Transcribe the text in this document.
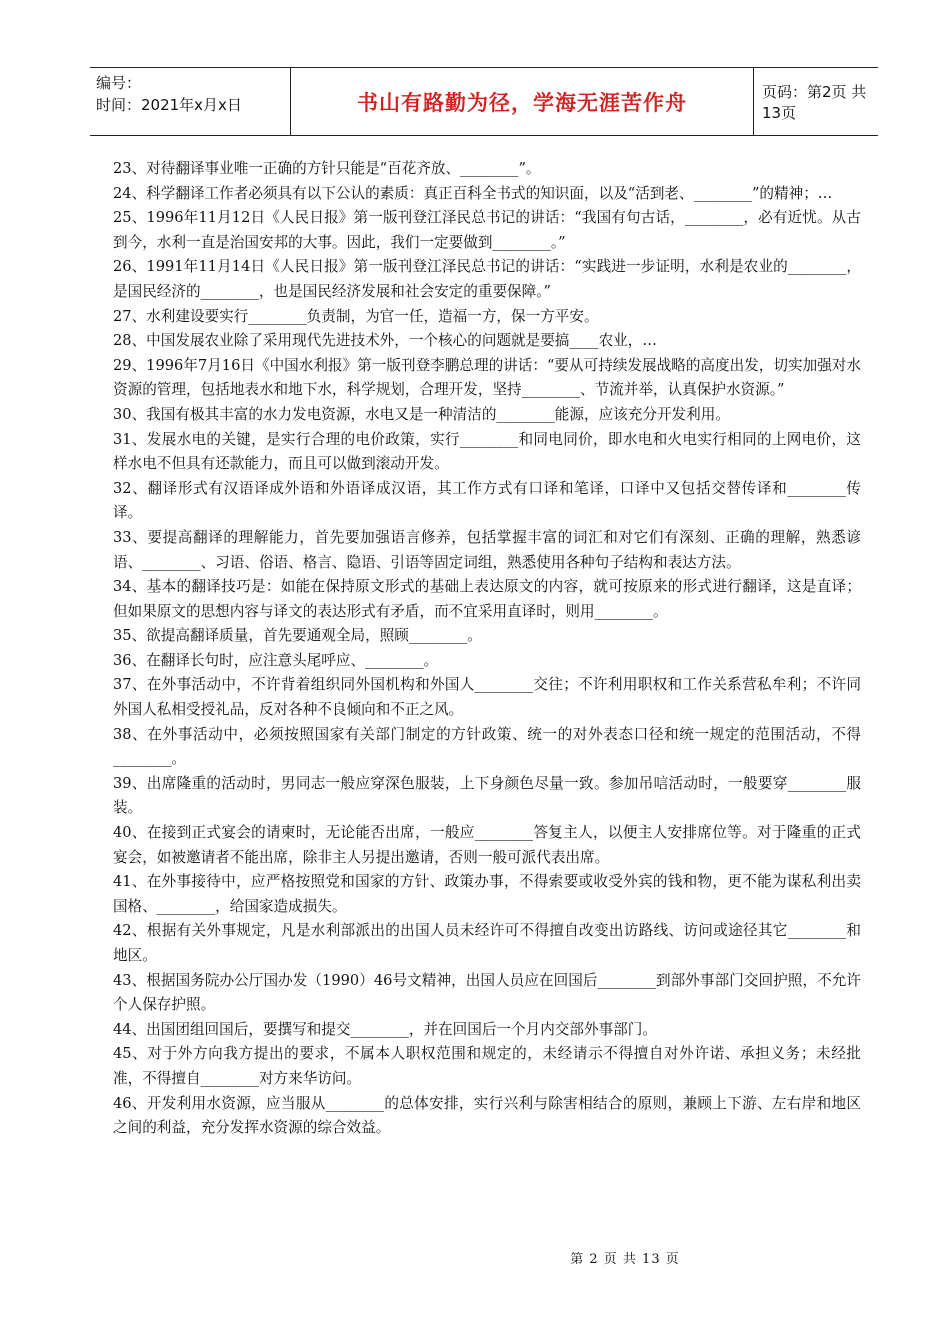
编号：
时间：2021年x月x日	书山有路勤为径，学海无涯苦作舟	页码：第2页 共13页

23、对待翻译事业唯一正确的方针只能是“百花齐放、________”。

24、科学翻译工作者必须具有以下公认的素质：真正百科全书式的知识面，以及“活到老、________”的精神；…

25、1996年11月12日《人民日报》第一版刊登江泽民总书记的讲话：“我国有句古话，________，必有近忧。从古到今，水利一直是治国安邦的大事。因此，我们一定要做到________。”

26、1991年11月14日《人民日报》第一版刊登江泽民总书记的讲话：“实践进一步证明，水利是农业的________，是国民经济的________，也是国民经济发展和社会安定的重要保障。”

27、水利建设要实行________负责制，为官一任，造福一方，保一方平安。

28、中国发展农业除了采用现代先进技术外，一个核心的问题就是要搞____农业，…

29、1996年7月16日《中国水利报》第一版刊登李鹏总理的讲话：“要从可持续发展战略的高度出发，切实加强对水资源的管理，包括地表水和地下水，科学规划，合理开发，坚持________、节流并举，认真保护水资源。”

30、我国有极其丰富的水力发电资源，水电又是一种清洁的________能源，应该充分开发利用。

31、发展水电的关键，是实行合理的电价政策，实行________和同电同价，即水电和火电实行相同的上网电价，这样水电不但具有还款能力，而且可以做到滚动开发。

32、翻译形式有汉语译成外语和外语译成汉语，其工作方式有口译和笔译，口译中又包括交替传译和________传译。

33、要提高翻译的理解能力，首先要加强语言修养，包括掌握丰富的词汇和对它们有深刻、正确的理解，熟悉谚语、________、习语、俗语、格言、隐语、引语等固定词组，熟悉使用各种句子结构和表达方法。

34、基本的翻译技巧是：如能在保持原文形式的基础上表达原文的内容，就可按原来的形式进行翻译，这是直译；但如果原文的思想内容与译文的表达形式有矛盾，而不宜采用直译时，则用________。

35、欲提高翻译质量，首先要通观全局，照顾________。

36、在翻译长句时，应注意头尾呼应、________。

37、在外事活动中，不许背着组织同外国机构和外国人________交往；不许利用职权和工作关系营私牟利；不许同外国人私相受授礼品，反对各种不良倾向和不正之风。

38、在外事活动中，必须按照国家有关部门制定的方针政策、统一的对外表态口径和统一规定的范围活动，不得________。

39、出席隆重的活动时，男同志一般应穿深色服装，上下身颜色尽量一致。参加吊唁活动时，一般要穿________服装。

40、在接到正式宴会的请柬时，无论能否出席，一般应________答复主人，以便主人安排席位等。对于隆重的正式宴会，如被邀请者不能出席，除非主人另提出邀请，否则一般可派代表出席。

41、在外事接待中，应严格按照党和国家的方针、政策办事，不得索要或收受外宾的钱和物，更不能为谋私利出卖国格、________，给国家造成损失。

42、根据有关外事规定，凡是水利部派出的出国人员未经许可不得擅自改变出访路线、访问或途径其它________和地区。

43、根据国务院办公厅国办发（1990）46号文精神，出国人员应在回国后________到部外事部门交回护照，不允许个人保存护照。

44、出国团组回国后，要撰写和提交________，并在回国后一个月内交部外事部门。

45、对于外方向我方提出的要求，不属本人职权范围和规定的，未经请示不得擅自对外许诺、承担义务；未经批准，不得擅自________对方来华访问。

46、开发利用水资源，应当服从________的总体安排，实行兴利与除害相结合的原则，兼顾上下游、左右岸和地区之间的利益，充分发挥水资源的综合效益。

第 2 页 共 13 页
